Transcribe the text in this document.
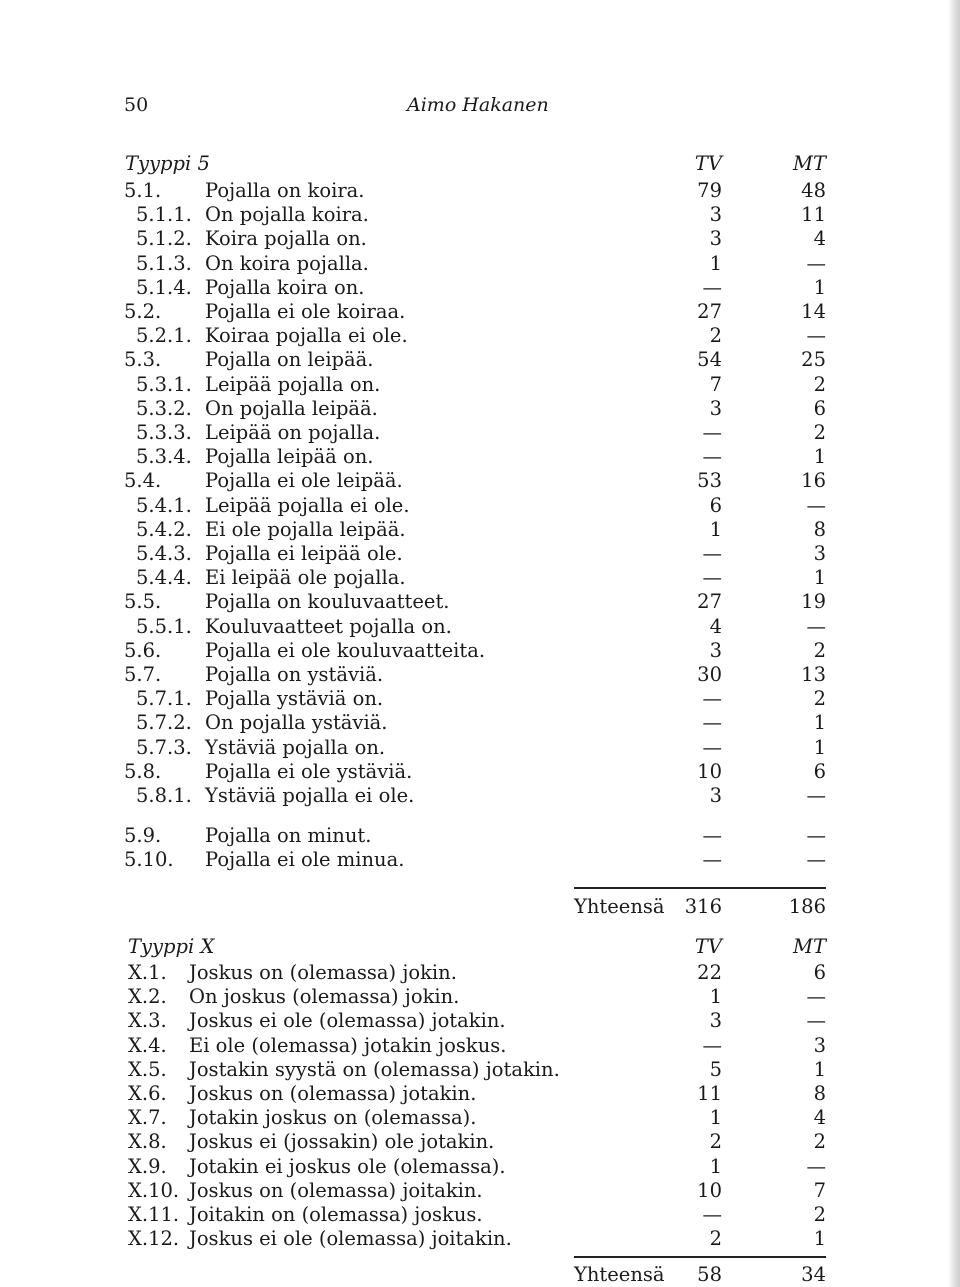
50	Aimo Hakanen
Tyyppi 5	TV	MT
5.1. Pojalla on koira.	79	48
5.1.1. On pojalla koira.	3	11
5.1.2. Koira pojalla on.	3	4
5.1.3. On koira pojalla.	1	—
5.1.4. Pojalla koira on.	—	1
5.2. Pojalla ei ole koiraa.	27	14
5.2.1. Koiraa pojalla ei ole.	2	—
5.3. Pojalla on leipää.	54	25
5.3.1. Leipää pojalla on.	7	2
5.3.2. On pojalla leipää.	3	6
5.3.3. Leipää on pojalla.	—	2
5.3.4. Pojalla leipää on.	—	1
5.4. Pojalla ei ole leipää.	53	16
5.4.1. Leipää pojalla ei ole.	6	—
5.4.2. Ei ole pojalla leipää.	1	8
5.4.3. Pojalla ei leipää ole.	—	3
5.4.4. Ei leipää ole pojalla.	—	1
5.5. Pojalla on kouluvaatteet.	27	19
5.5.1. Kouluvaatteet pojalla on.	4	—
5.6. Pojalla ei ole kouluvaatteita.	3	2
5.7. Pojalla on ystäviä.	30	13
5.7.1. Pojalla ystäviä on.	—	2
5.7.2. On pojalla ystäviä.	—	1
5.7.3. Ystäviä pojalla on.	—	1
5.8. Pojalla ei ole ystäviä.	10	6
5.8.1. Ystäviä pojalla ei ole.	3	—
5.9. Pojalla on minut.	—	—
5.10. Pojalla ei ole minua.	—	—
Yhteensä	316	186
Tyyppi X	TV	MT
X.1. Joskus on (olemassa) jokin.	22	6
X.2. On joskus (olemassa) jokin.	1	—
X.3. Joskus ei ole (olemassa) jotakin.	3	—
X.4. Ei ole (olemassa) jotakin joskus.	—	3
X.5. Jostakin syystä on (olemassa) jotakin.	5	1
X.6. Joskus on (olemassa) jotakin.	11	8
X.7. Jotakin joskus on (olemassa).	1	4
X.8. Joskus ei (jossakin) ole jotakin.	2	2
X.9. Jotakin ei joskus ole (olemassa).	1	—
X.10. Joskus on (olemassa) joitakin.	10	7
X.11. Joitakin on (olemassa) joskus.	—	2
X.12. Joskus ei ole (olemassa) joitakin.	2	1
Yhteensä	58	34
